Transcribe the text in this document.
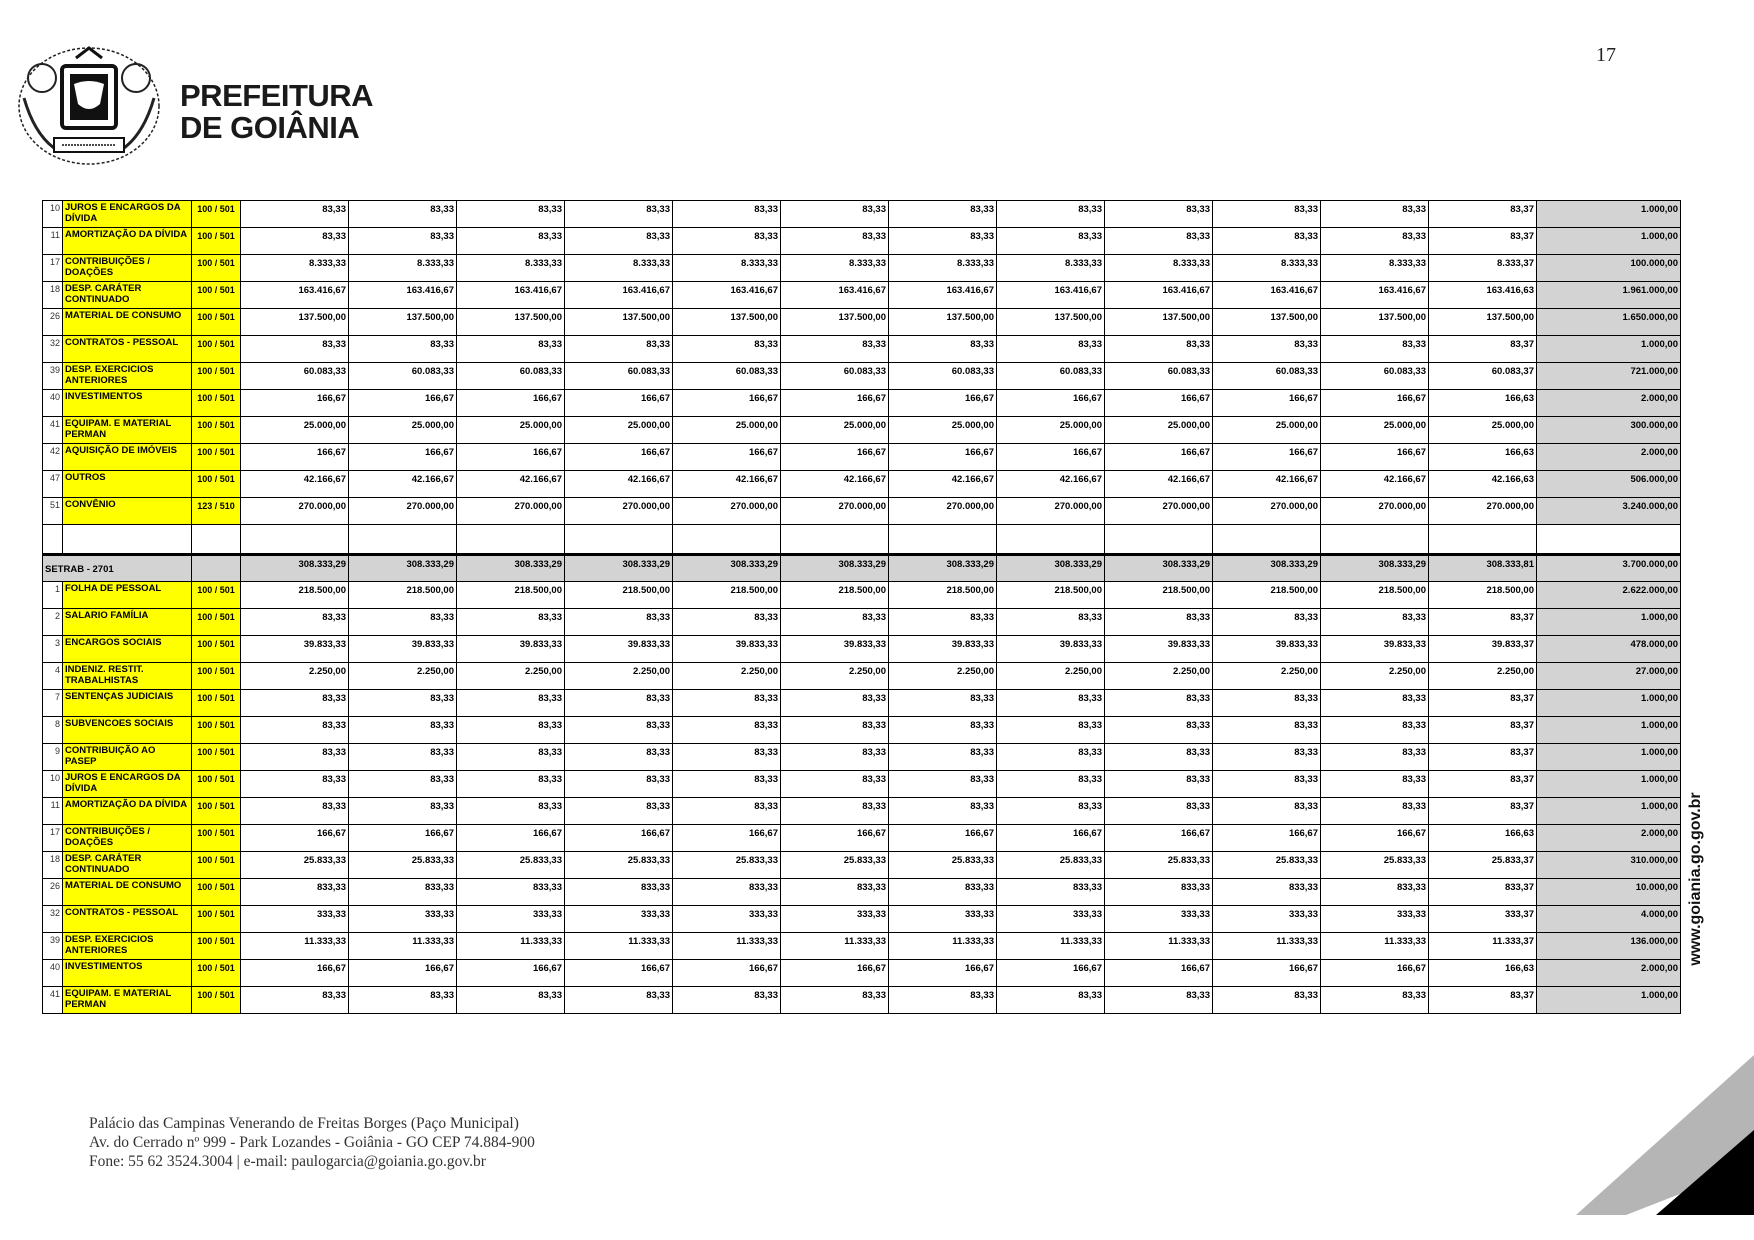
PREFEITURA
DE GOIÂNIA
17
10	JUROS E ENCARGOS DA DÍVIDA	100 / 501	83,33	83,33	83,33	83,33	83,33	83,33	83,33	83,33	83,33	83,33	83,33	83,37	1.000,00
11	AMORTIZAÇÃO DA DÍVIDA	100 / 501	83,33	83,33	83,33	83,33	83,33	83,33	83,33	83,33	83,33	83,33	83,33	83,37	1.000,00
17	CONTRIBUIÇÕES / DOAÇÕES	100 / 501	8.333,33	8.333,33	8.333,33	8.333,33	8.333,33	8.333,33	8.333,33	8.333,33	8.333,33	8.333,33	8.333,33	8.333,37	100.000,00
18	DESP. CARÁTER CONTINUADO	100 / 501	163.416,67	163.416,67	163.416,67	163.416,67	163.416,67	163.416,67	163.416,67	163.416,67	163.416,67	163.416,67	163.416,67	163.416,63	1.961.000,00
26	MATERIAL DE CONSUMO	100 / 501	137.500,00	137.500,00	137.500,00	137.500,00	137.500,00	137.500,00	137.500,00	137.500,00	137.500,00	137.500,00	137.500,00	137.500,00	1.650.000,00
32	CONTRATOS - PESSOAL	100 / 501	83,33	83,33	83,33	83,33	83,33	83,33	83,33	83,33	83,33	83,33	83,33	83,37	1.000,00
39	DESP. EXERCICIOS ANTERIORES	100 / 501	60.083,33	60.083,33	60.083,33	60.083,33	60.083,33	60.083,33	60.083,33	60.083,33	60.083,33	60.083,33	60.083,33	60.083,37	721.000,00
40	INVESTIMENTOS	100 / 501	166,67	166,67	166,67	166,67	166,67	166,67	166,67	166,67	166,67	166,67	166,67	166,63	2.000,00
41	EQUIPAM. E MATERIAL PERMAN	100 / 501	25.000,00	25.000,00	25.000,00	25.000,00	25.000,00	25.000,00	25.000,00	25.000,00	25.000,00	25.000,00	25.000,00	25.000,00	300.000,00
42	AQUISIÇÃO DE IMÓVEIS	100 / 501	166,67	166,67	166,67	166,67	166,67	166,67	166,67	166,67	166,67	166,67	166,67	166,63	2.000,00
47	OUTROS	100 / 501	42.166,67	42.166,67	42.166,67	42.166,67	42.166,67	42.166,67	42.166,67	42.166,67	42.166,67	42.166,67	42.166,67	42.166,63	506.000,00
51	CONVÊNIO	123 / 510	270.000,00	270.000,00	270.000,00	270.000,00	270.000,00	270.000,00	270.000,00	270.000,00	270.000,00	270.000,00	270.000,00	270.000,00	3.240.000,00

SETRAB - 2701			308.333,29	308.333,29	308.333,29	308.333,29	308.333,29	308.333,29	308.333,29	308.333,29	308.333,29	308.333,29	308.333,29	308.333,81	3.700.000,00
1	FOLHA DE PESSOAL	100 / 501	218.500,00	218.500,00	218.500,00	218.500,00	218.500,00	218.500,00	218.500,00	218.500,00	218.500,00	218.500,00	218.500,00	218.500,00	2.622.000,00
2	SALARIO FAMÍLIA	100 / 501	83,33	83,33	83,33	83,33	83,33	83,33	83,33	83,33	83,33	83,33	83,33	83,37	1.000,00
3	ENCARGOS SOCIAIS	100 / 501	39.833,33	39.833,33	39.833,33	39.833,33	39.833,33	39.833,33	39.833,33	39.833,33	39.833,33	39.833,33	39.833,33	39.833,37	478.000,00
4	INDENIZ. RESTIT. TRABALHISTAS	100 / 501	2.250,00	2.250,00	2.250,00	2.250,00	2.250,00	2.250,00	2.250,00	2.250,00	2.250,00	2.250,00	2.250,00	2.250,00	27.000,00
7	SENTENÇAS JUDICIAIS	100 / 501	83,33	83,33	83,33	83,33	83,33	83,33	83,33	83,33	83,33	83,33	83,33	83,37	1.000,00
8	SUBVENCOES SOCIAIS	100 / 501	83,33	83,33	83,33	83,33	83,33	83,33	83,33	83,33	83,33	83,33	83,33	83,37	1.000,00
9	CONTRIBUIÇÃO AO PASEP	100 / 501	83,33	83,33	83,33	83,33	83,33	83,33	83,33	83,33	83,33	83,33	83,33	83,37	1.000,00
10	JUROS E ENCARGOS DA DÍVIDA	100 / 501	83,33	83,33	83,33	83,33	83,33	83,33	83,33	83,33	83,33	83,33	83,33	83,37	1.000,00
11	AMORTIZAÇÃO DA DÍVIDA	100 / 501	83,33	83,33	83,33	83,33	83,33	83,33	83,33	83,33	83,33	83,33	83,33	83,37	1.000,00
17	CONTRIBUIÇÕES / DOAÇÕES	100 / 501	166,67	166,67	166,67	166,67	166,67	166,67	166,67	166,67	166,67	166,67	166,67	166,63	2.000,00
18	DESP. CARÁTER CONTINUADO	100 / 501	25.833,33	25.833,33	25.833,33	25.833,33	25.833,33	25.833,33	25.833,33	25.833,33	25.833,33	25.833,33	25.833,33	25.833,37	310.000,00
26	MATERIAL DE CONSUMO	100 / 501	833,33	833,33	833,33	833,33	833,33	833,33	833,33	833,33	833,33	833,33	833,33	833,37	10.000,00
32	CONTRATOS - PESSOAL	100 / 501	333,33	333,33	333,33	333,33	333,33	333,33	333,33	333,33	333,33	333,33	333,33	333,37	4.000,00
39	DESP. EXERCICIOS ANTERIORES	100 / 501	11.333,33	11.333,33	11.333,33	11.333,33	11.333,33	11.333,33	11.333,33	11.333,33	11.333,33	11.333,33	11.333,33	11.333,37	136.000,00
40	INVESTIMENTOS	100 / 501	166,67	166,67	166,67	166,67	166,67	166,67	166,67	166,67	166,67	166,67	166,67	166,63	2.000,00
41	EQUIPAM. E MATERIAL PERMAN	100 / 501	83,33	83,33	83,33	83,33	83,33	83,33	83,33	83,33	83,33	83,33	83,33	83,37	1.000,00
www.goiania.go.gov.br
Palácio das Campinas Venerando de Freitas Borges (Paço Municipal)
Av. do Cerrado nº 999 - Park Lozandes - Goiânia - GO CEP 74.884-900
Fone: 55 62 3524.3004 | e-mail: paulogarcia@goiania.go.gov.br
